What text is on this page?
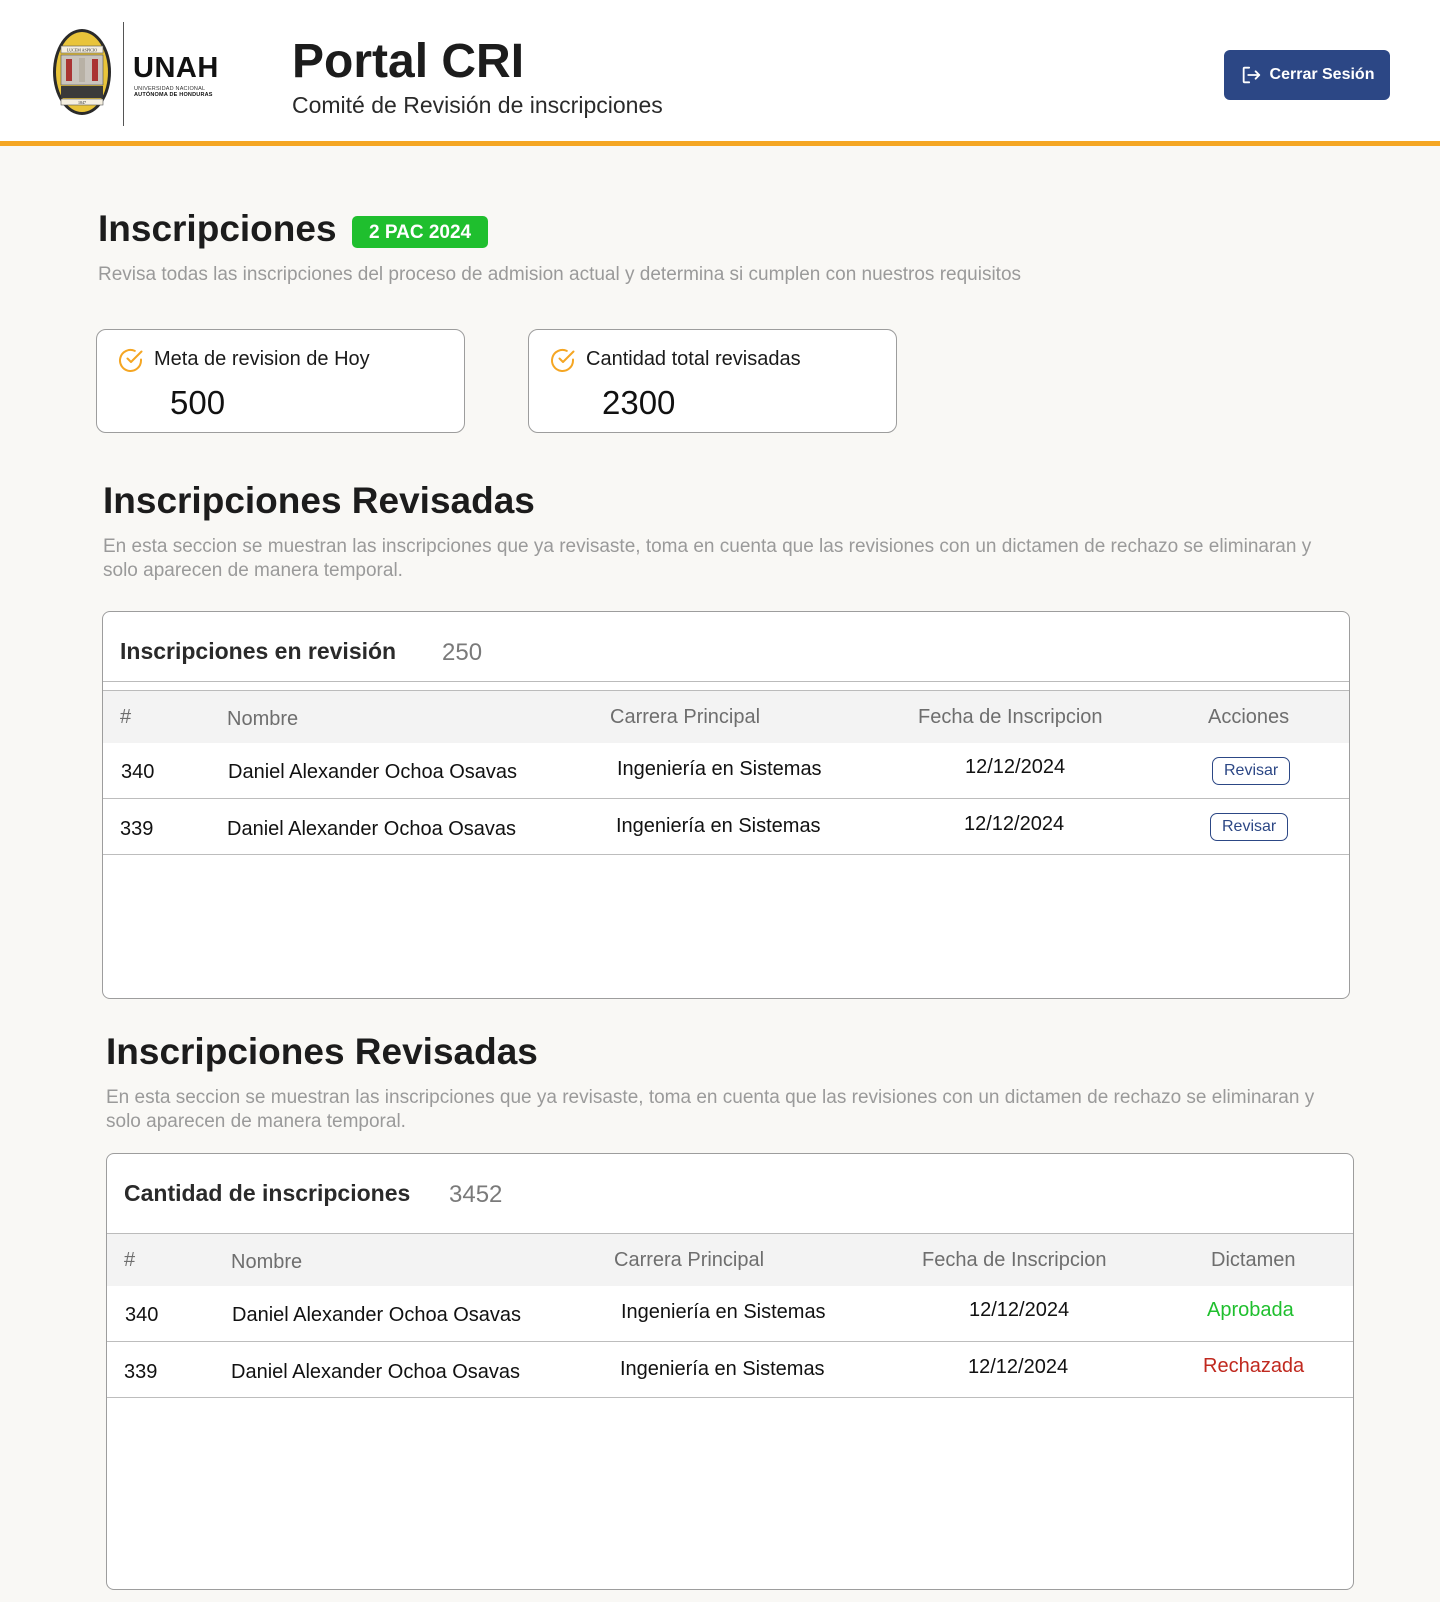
LUCEM ASPICIO
1847
UNAH
UNIVERSIDAD NACIONAL
AUTÓNOMA DE HONDURAS
Portal CRI
Comité de Revisión de inscripciones
Cerrar Sesión
Inscripciones	2 PAC 2024
Revisa todas las inscripciones del proceso de admision actual y determina si cumplen con nuestros requisitos
Meta de revision de Hoy
500
Cantidad total revisadas
2300
Inscripciones Revisadas
En esta seccion se muestran las inscripciones que ya revisaste, toma en cuenta que las revisiones con un dictamen de rechazo se eliminaran y solo aparecen de manera temporal.
Inscripciones en revisión 250
#	Nombre	Carrera Principal	Fecha de Inscripcion	Acciones
340	Daniel Alexander Ochoa Osavas	Ingeniería en Sistemas	12/12/2024	Revisar
339	Daniel Alexander Ochoa Osavas	Ingeniería en Sistemas	12/12/2024	Revisar
Inscripciones Revisadas
En esta seccion se muestran las inscripciones que ya revisaste, toma en cuenta que las revisiones con un dictamen de rechazo se eliminaran y solo aparecen de manera temporal.
Cantidad de inscripciones 3452
#	Nombre	Carrera Principal	Fecha de Inscripcion	Dictamen
340	Daniel Alexander Ochoa Osavas	Ingeniería en Sistemas	12/12/2024	Aprobada
339	Daniel Alexander Ochoa Osavas	Ingeniería en Sistemas	12/12/2024	Rechazada
